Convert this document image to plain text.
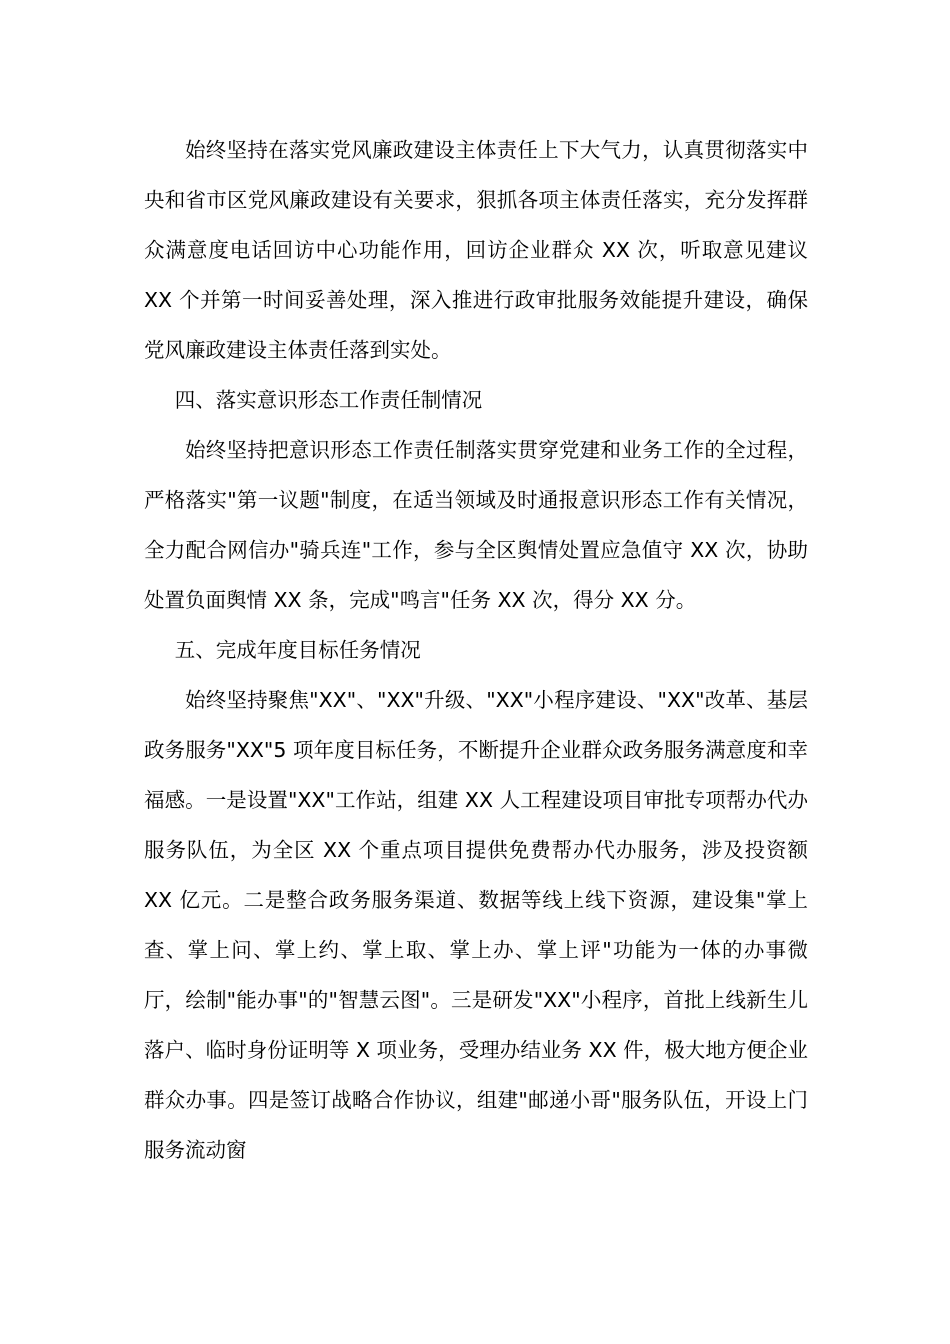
始终坚持在落实党风廉政建设主体责任上下大气力，认真贯彻落实中央和省市区党风廉政建设有关要求，狠抓各项主体责任落实，充分发挥群众满意度电话回访中心功能作用，回访企业群众 XX 次，听取意见建议 XX 个并第一时间妥善处理，深入推进行政审批服务效能提升建设，确保党风廉政建设主体责任落到实处。

四、落实意识形态工作责任制情况

始终坚持把意识形态工作责任制落实贯穿党建和业务工作的全过程，严格落实"第一议题"制度，在适当领域及时通报意识形态工作有关情况，全力配合网信办"骑兵连"工作，参与全区舆情处置应急值守 XX 次，协助处置负面舆情 XX 条，完成"鸣言"任务 XX 次，得分 XX 分。

五、完成年度目标任务情况

始终坚持聚焦"XX"、"XX"升级、"XX"小程序建设、"XX"改革、基层政务服务"XX"5 项年度目标任务，不断提升企业群众政务服务满意度和幸福感。一是设置"XX"工作站，组建 XX 人工程建设项目审批专项帮办代办服务队伍，为全区 XX 个重点项目提供免费帮办代办服务，涉及投资额 XX 亿元。二是整合政务服务渠道、数据等线上线下资源，建设集"掌上查、掌上问、掌上约、掌上取、掌上办、掌上评"功能为一体的办事微厅，绘制"能办事"的"智慧云图"。三是研发"XX"小程序，首批上线新生儿落户、临时身份证明等 X 项业务，受理办结业务 XX 件，极大地方便企业群众办事。四是签订战略合作协议，组建"邮递小哥"服务队伍，开设上门服务流动窗
